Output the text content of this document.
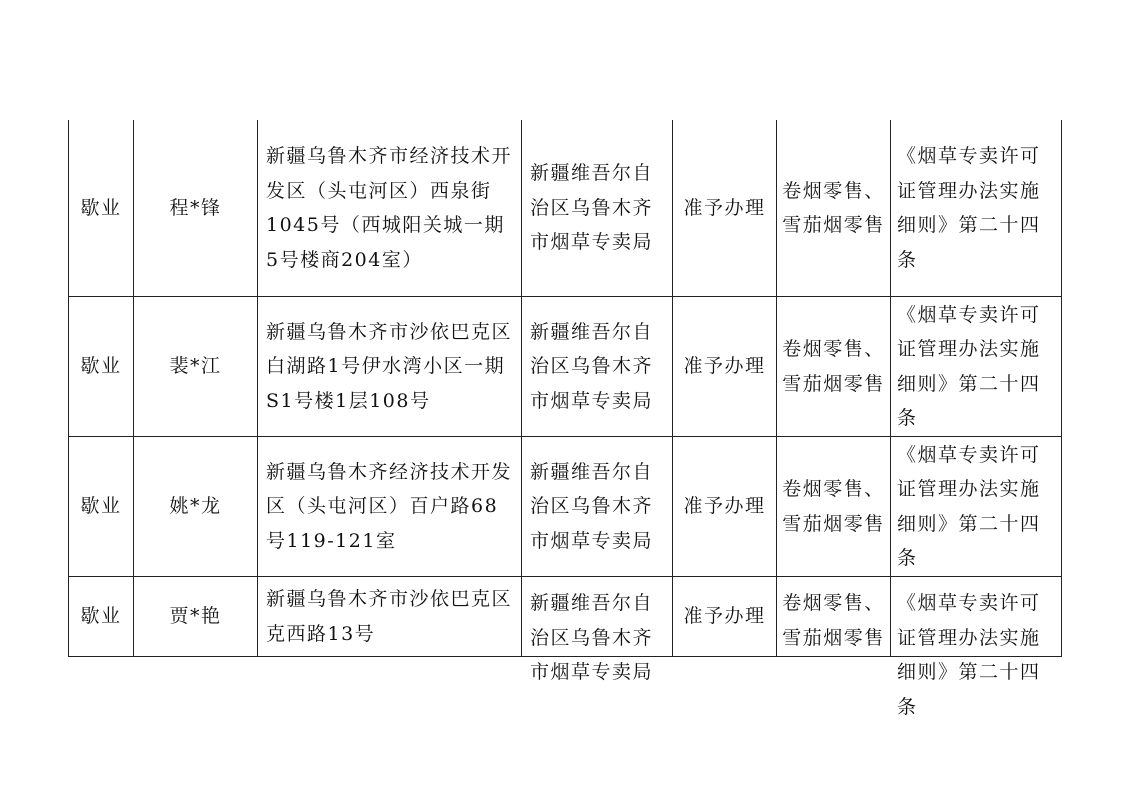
歇业	程*锋	新疆乌鲁木齐市经济技术开发区（头屯河区）西泉街1045号（西城阳关城一期5号楼商204室）	新疆维吾尔自治区乌鲁木齐市烟草专卖局	准予办理	卷烟零售、雪茄烟零售	《烟草专卖许可证管理办法实施细则》第二十四条
歇业	裴*江	新疆乌鲁木齐市沙依巴克区白湖路1号伊水湾小区一期S1号楼1层108号	新疆维吾尔自治区乌鲁木齐市烟草专卖局	准予办理	卷烟零售、雪茄烟零售	《烟草专卖许可证管理办法实施细则》第二十四条
歇业	姚*龙	新疆乌鲁木齐经济技术开发区（头屯河区）百户路68号119-121室	新疆维吾尔自治区乌鲁木齐市烟草专卖局	准予办理	卷烟零售、雪茄烟零售	《烟草专卖许可证管理办法实施细则》第二十四条
歇业	贾*艳	新疆乌鲁木齐市沙依巴克区克西路13号	新疆维吾尔自治区乌鲁木齐市烟草专卖局	准予办理	卷烟零售、雪茄烟零售	《烟草专卖许可证管理办法实施细则》第二十四条
